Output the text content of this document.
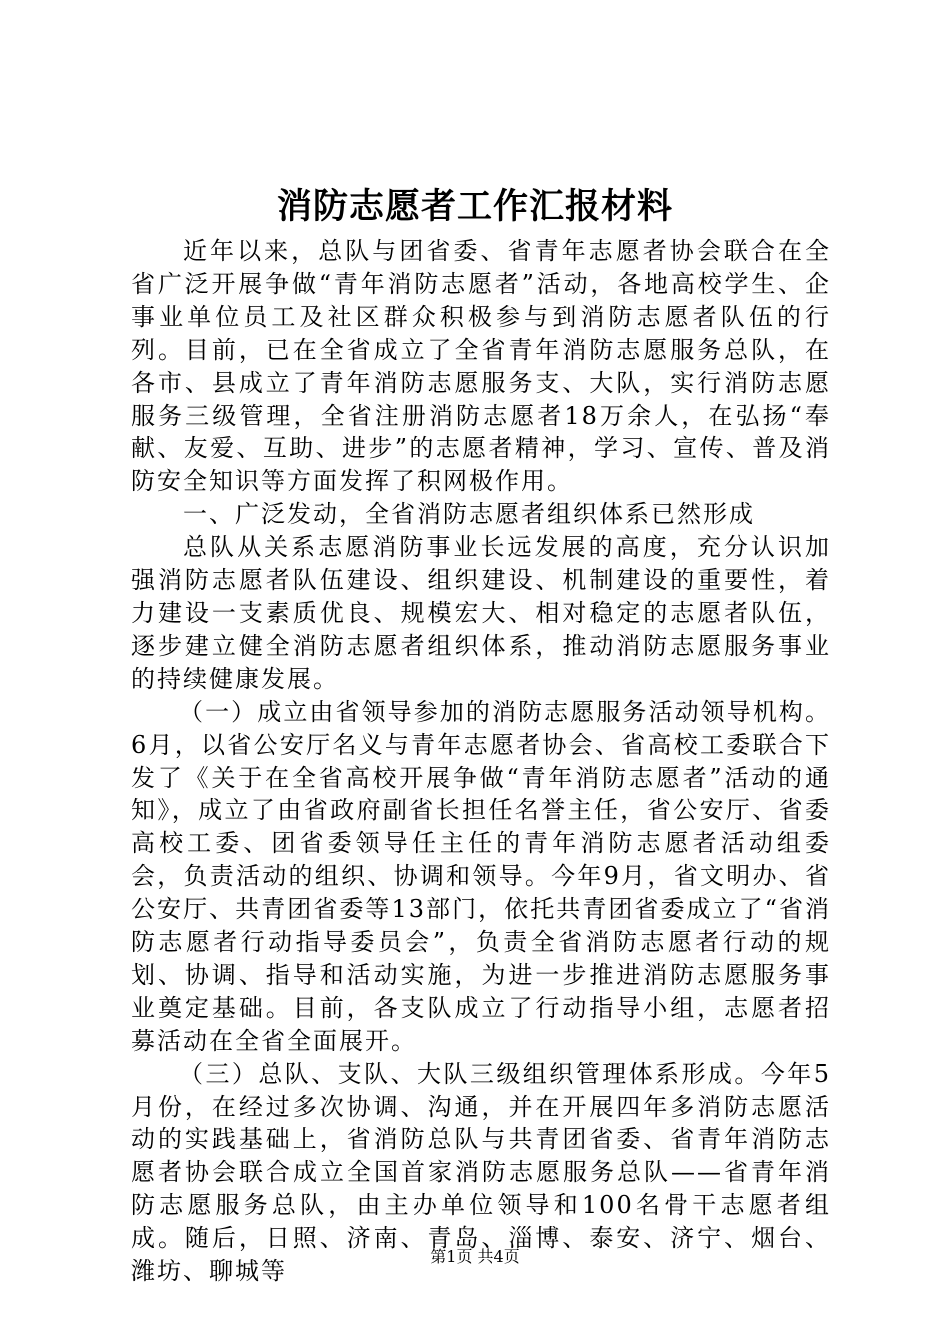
消防志愿者工作汇报材料

近年以来，总队与团省委、省青年志愿者协会联合在全省广泛开展争做“青年消防志愿者”活动，各地高校学生、企事业单位员工及社区群众积极参与到消防志愿者队伍的行列。目前，已在全省成立了全省青年消防志愿服务总队，在各市、县成立了青年消防志愿服务支、大队，实行消防志愿服务三级管理，全省注册消防志愿者18万余人，在弘扬“奉献、友爱、互助、进步”的志愿者精神，学习、宣传、普及消防安全知识等方面发挥了积网极作用。

一、广泛发动，全省消防志愿者组织体系已然形成

总队从关系志愿消防事业长远发展的高度，充分认识加强消防志愿者队伍建设、组织建设、机制建设的重要性，着力建设一支素质优良、规模宏大、相对稳定的志愿者队伍，逐步建立健全消防志愿者组织体系，推动消防志愿服务事业的持续健康发展。

（一）成立由省领导参加的消防志愿服务活动领导机构。6月，以省公安厅名义与青年志愿者协会、省高校工委联合下发了《关于在全省高校开展争做“青年消防志愿者”活动的通知》，成立了由省政府副省长担任名誉主任，省公安厅、省委高校工委、团省委领导任主任的青年消防志愿者活动组委会，负责活动的组织、协调和领导。今年9月，省文明办、省公安厅、共青团省委等13部门，依托共青团省委成立了“省消防志愿者行动指导委员会”，负责全省消防志愿者行动的规划、协调、指导和活动实施，为进一步推进消防志愿服务事业奠定基础。目前，各支队成立了行动指导小组，志愿者招募活动在全省全面展开。

（三）总队、支队、大队三级组织管理体系形成。今年5月份，在经过多次协调、沟通，并在开展四年多消防志愿活动的实践基础上，省消防总队与共青团省委、省青年消防志愿者协会联合成立全国首家消防志愿服务总队——省青年消防志愿服务总队，由主办单位领导和100名骨干志愿者组成。随后，日照、济南、青岛、淄博、泰安、济宁、烟台、潍坊、聊城等

第1页 共4页
